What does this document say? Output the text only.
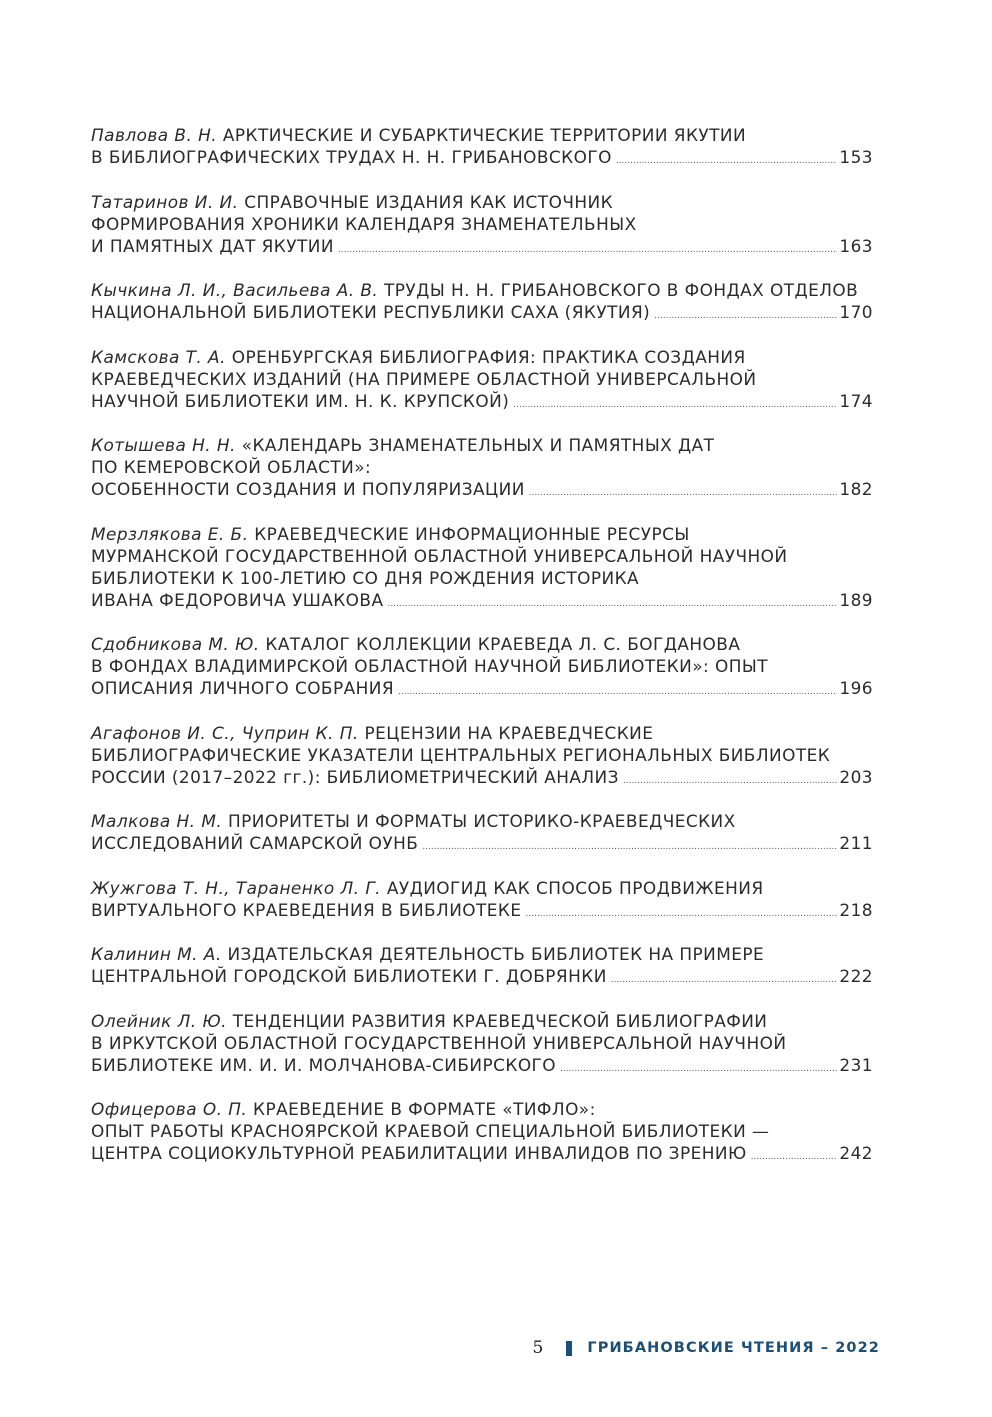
Павлова В. Н.
АРКТИЧЕСКИЕ И СУБАРКТИЧЕСКИЕ ТЕРРИТОРИИ ЯКУТИИ
В БИБЛИОГРАФИЧЕСКИХ ТРУДАХ Н. Н. ГРИБАНОВСКОГО .....	153
Татаринов И. И.
СПРАВОЧНЫЕ ИЗДАНИЯ КАК ИСТОЧНИК
ФОРМИРОВАНИЯ ХРОНИКИ КАЛЕНДАРЯ ЗНАМЕНАТЕЛЬНЫХ
И ПАМЯТНЫХ ДАТ ЯКУТИИ .....	163
Кычкина Л. И., Васильева А. В.
ТРУДЫ Н. Н. ГРИБАНОВСКОГО В ФОНДАХ ОТДЕЛОВ
НАЦИОНАЛЬНОЙ БИБЛИОТЕКИ РЕСПУБЛИКИ САХА (ЯКУТИЯ) .....	170
Камскова Т. А.
ОРЕНБУРГСКАЯ БИБЛИОГРАФИЯ: ПРАКТИКА СОЗДАНИЯ
КРАЕВЕДЧЕСКИХ ИЗДАНИЙ (НА ПРИМЕРЕ ОБЛАСТНОЙ УНИВЕРСАЛЬНОЙ
НАУЧНОЙ БИБЛИОТЕКИ ИМ. Н. К. КРУПСКОЙ) .....	174
Котышева Н. Н.
«КАЛЕНДАРЬ ЗНАМЕНАТЕЛЬНЫХ И ПАМЯТНЫХ ДАТ
ПО КЕМЕРОВСКОЙ ОБЛАСТИ»:
ОСОБЕННОСТИ СОЗДАНИЯ И ПОПУЛЯРИЗАЦИИ .....	182
Мерзлякова Е. Б.
КРАЕВЕДЧЕСКИЕ ИНФОРМАЦИОННЫЕ РЕСУРСЫ
МУРМАНСКОЙ ГОСУДАРСТВЕННОЙ ОБЛАСТНОЙ УНИВЕРСАЛЬНОЙ НАУЧНОЙ
БИБЛИОТЕКИ К 100-ЛЕТИЮ СО ДНЯ РОЖДЕНИЯ ИСТОРИКА
ИВАНА ФЕДОРОВИЧА УШАКОВА .....	189
Сдобникова М. Ю.
КАТАЛОГ КОЛЛЕКЦИИ КРАЕВЕДА Л. С. БОГДАНОВА
В ФОНДАХ ВЛАДИМИРСКОЙ ОБЛАСТНОЙ НАУЧНОЙ БИБЛИОТЕКИ»: ОПЫТ
ОПИСАНИЯ ЛИЧНОГО СОБРАНИЯ .....	196
Агафонов И. С., Чуприн К. П.
РЕЦЕНЗИИ НА КРАЕВЕДЧЕСКИЕ
БИБЛИОГРАФИЧЕСКИЕ УКАЗАТЕЛИ ЦЕНТРАЛЬНЫХ РЕГИОНАЛЬНЫХ БИБЛИОТЕК
РОССИИ (2017–2022 гг.): БИБЛИОМЕТРИЧЕСКИЙ АНАЛИЗ .....	203
Малкова Н. М.
ПРИОРИТЕТЫ И ФОРМАТЫ ИСТОРИКО-КРАЕВЕДЧЕСКИХ
ИССЛЕДОВАНИЙ САМАРСКОЙ ОУНБ .....	211
Жужгова Т. Н., Тараненко Л. Г.
АУДИОГИД КАК СПОСОБ ПРОДВИЖЕНИЯ
ВИРТУАЛЬНОГО КРАЕВЕДЕНИЯ В БИБЛИОТЕКЕ .....	218
Калинин М. А.
ИЗДАТЕЛЬСКАЯ ДЕЯТЕЛЬНОСТЬ БИБЛИОТЕК НА ПРИМЕРЕ
ЦЕНТРАЛЬНОЙ ГОРОДСКОЙ БИБЛИОТЕКИ Г. ДОБРЯНКИ .....	222
Олейник Л. Ю.
ТЕНДЕНЦИИ РАЗВИТИЯ КРАЕВЕДЧЕСКОЙ БИБЛИОГРАФИИ
В ИРКУТСКОЙ ОБЛАСТНОЙ ГОСУДАРСТВЕННОЙ УНИВЕРСАЛЬНОЙ НАУЧНОЙ
БИБЛИОТЕКЕ ИМ. И. И. МОЛЧАНОВА-СИБИРСКОГО .....	231
Офицерова О. П.
КРАЕВЕДЕНИЕ В ФОРМАТЕ «ТИФЛО»:
ОПЫТ РАБОТЫ КРАСНОЯРСКОЙ КРАЕВОЙ СПЕЦИАЛЬНОЙ БИБЛИОТЕКИ —
ЦЕНТРА СОЦИОКУЛЬТУРНОЙ РЕАБИЛИТАЦИИ ИНВАЛИДОВ ПО ЗРЕНИЮ .....	242
5	ГРИБАНОВСКИЕ ЧТЕНИЯ – 2022
